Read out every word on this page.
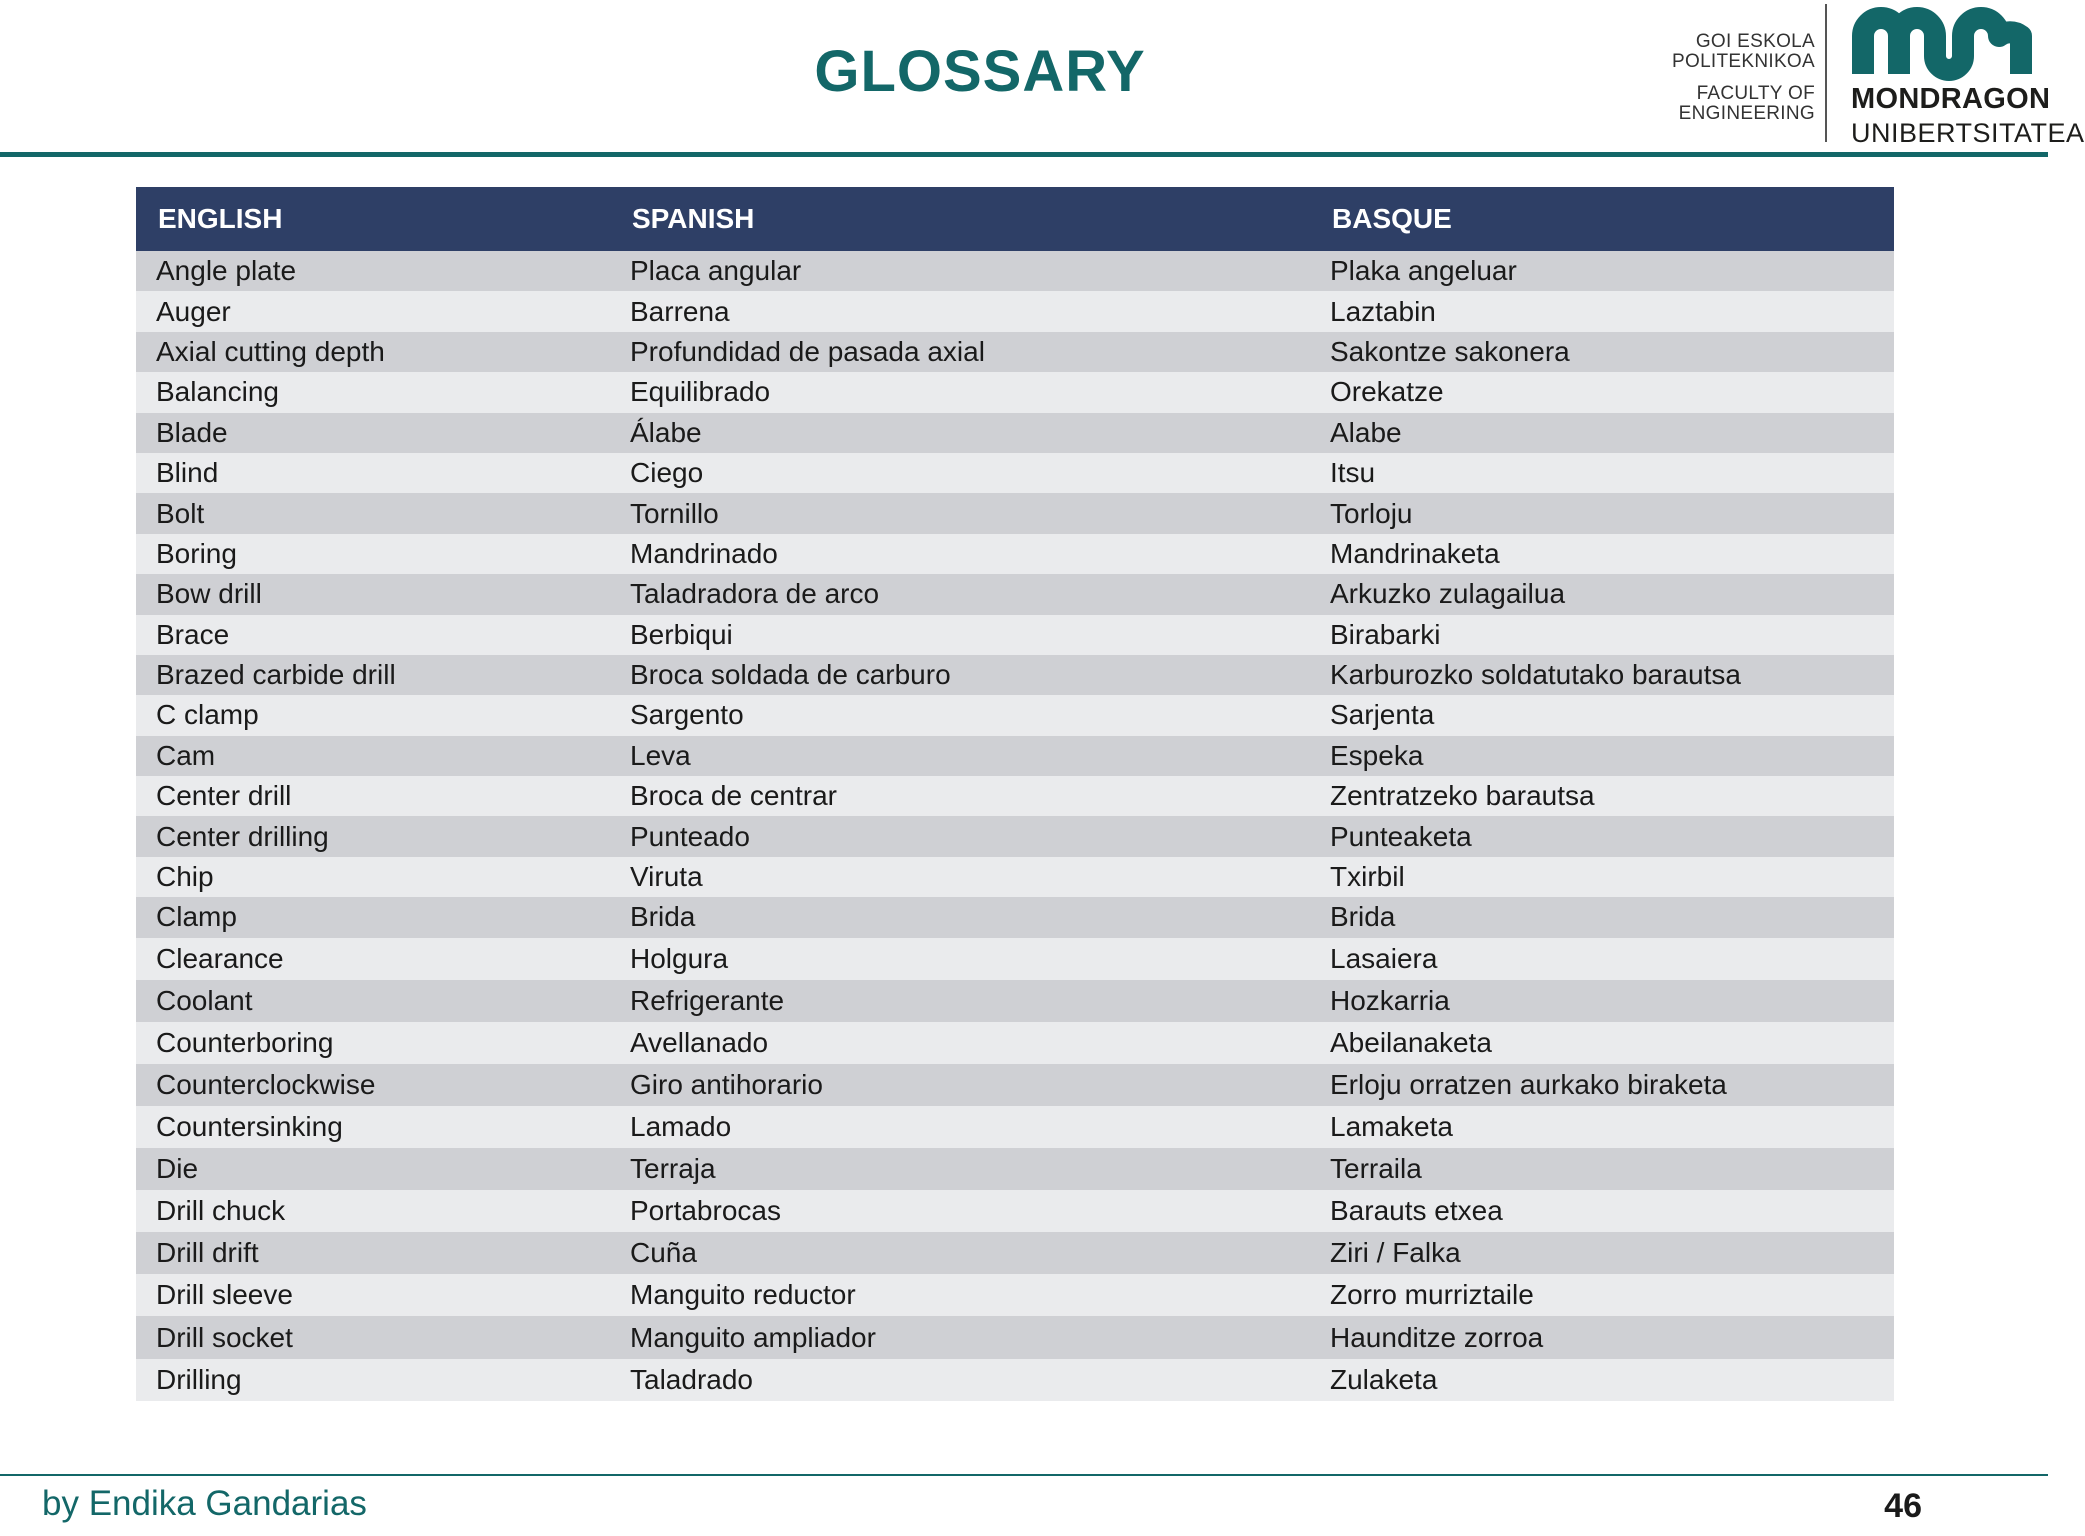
GLOSSARY	GOI ESKOLA
POLITEKNIKOA
FACULTY OF
ENGINEERING MONDRAGON
UNIBERTSITATEA
ENGLISH	SPANISH	BASQUE
Angle plate	Placa angular	Plaka angeluar
Auger	Barrena	Laztabin
Axial cutting depth	Profundidad de pasada axial	Sakontze sakonera
Balancing	Equilibrado	Orekatze
Blade	Álabe	Alabe
Blind	Ciego	Itsu
Bolt	Tornillo	Torloju
Boring	Mandrinado	Mandrinaketa
Bow drill	Taladradora de arco	Arkuzko zulagailua
Brace	Berbiqui	Birabarki
Brazed carbide drill	Broca soldada de carburo	Karburozko soldatutako barautsa
C clamp	Sargento	Sarjenta
Cam	Leva	Espeka
Center drill	Broca de centrar	Zentratzeko barautsa
Center drilling	Punteado	Punteaketa
Chip	Viruta	Txirbil
Clamp	Brida	Brida
Clearance	Holgura	Lasaiera
Coolant	Refrigerante	Hozkarria
Counterboring	Avellanado	Abeilanaketa
Counterclockwise	Giro antihorario	Erloju orratzen aurkako biraketa
Countersinking	Lamado	Lamaketa
Die	Terraja	Terraila
Drill chuck	Portabrocas	Barauts etxea
Drill drift	Cuña	Ziri / Falka
Drill sleeve	Manguito reductor	Zorro murriztaile
Drill socket	Manguito ampliador	Haunditze zorroa
Drilling	Taladrado	Zulaketa
by Endika Gandarias	46
